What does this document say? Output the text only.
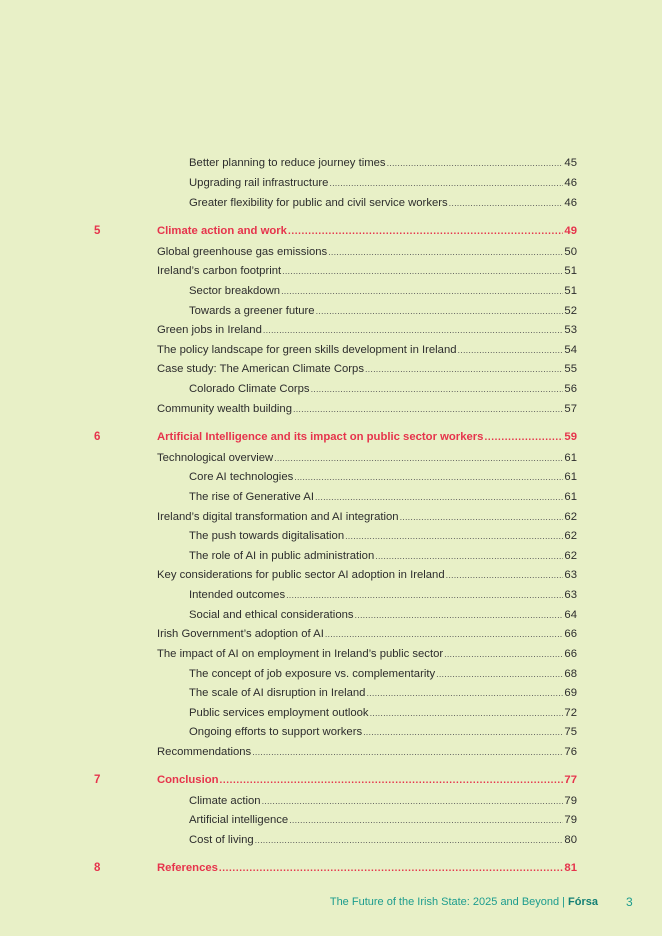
Better planning to reduce journey times .....	45
Upgrading rail infrastructure .....	46
Greater flexibility for public and civil service workers .....	46
5	Climate action and work .....	49
Global greenhouse gas emissions .....	50
Ireland’s carbon footprint .....	51
Sector breakdown .....	51
Towards a greener future .....	52
Green jobs in Ireland .....	53
The policy landscape for green skills development in Ireland .....	54
Case study: The American Climate Corps .....	55
Colorado Climate Corps .....	56
Community wealth building .....	57
6	Artificial Intelligence and its impact on public sector workers .....	59
Technological overview .....	61
Core AI technologies .....	61
The rise of Generative AI .....	61
Ireland’s digital transformation and AI integration .....	62
The push towards digitalisation .....	62
The role of AI in public administration .....	62
Key considerations for public sector AI adoption in Ireland .....	63
Intended outcomes .....	63
Social and ethical considerations .....	64
Irish Government’s adoption of AI .....	66
The impact of AI on employment in Ireland’s public sector .....	66
The concept of job exposure vs. complementarity .....	68
The scale of AI disruption in Ireland .....	69
Public services employment outlook .....	72
Ongoing efforts to support workers .....	75
Recommendations .....	76
7	Conclusion .....	77
Climate action .....	79
Artificial intelligence .....	79
Cost of living .....	80
8	References .....	81
The Future of the Irish State: 2025 and Beyond | Fórsa 3
